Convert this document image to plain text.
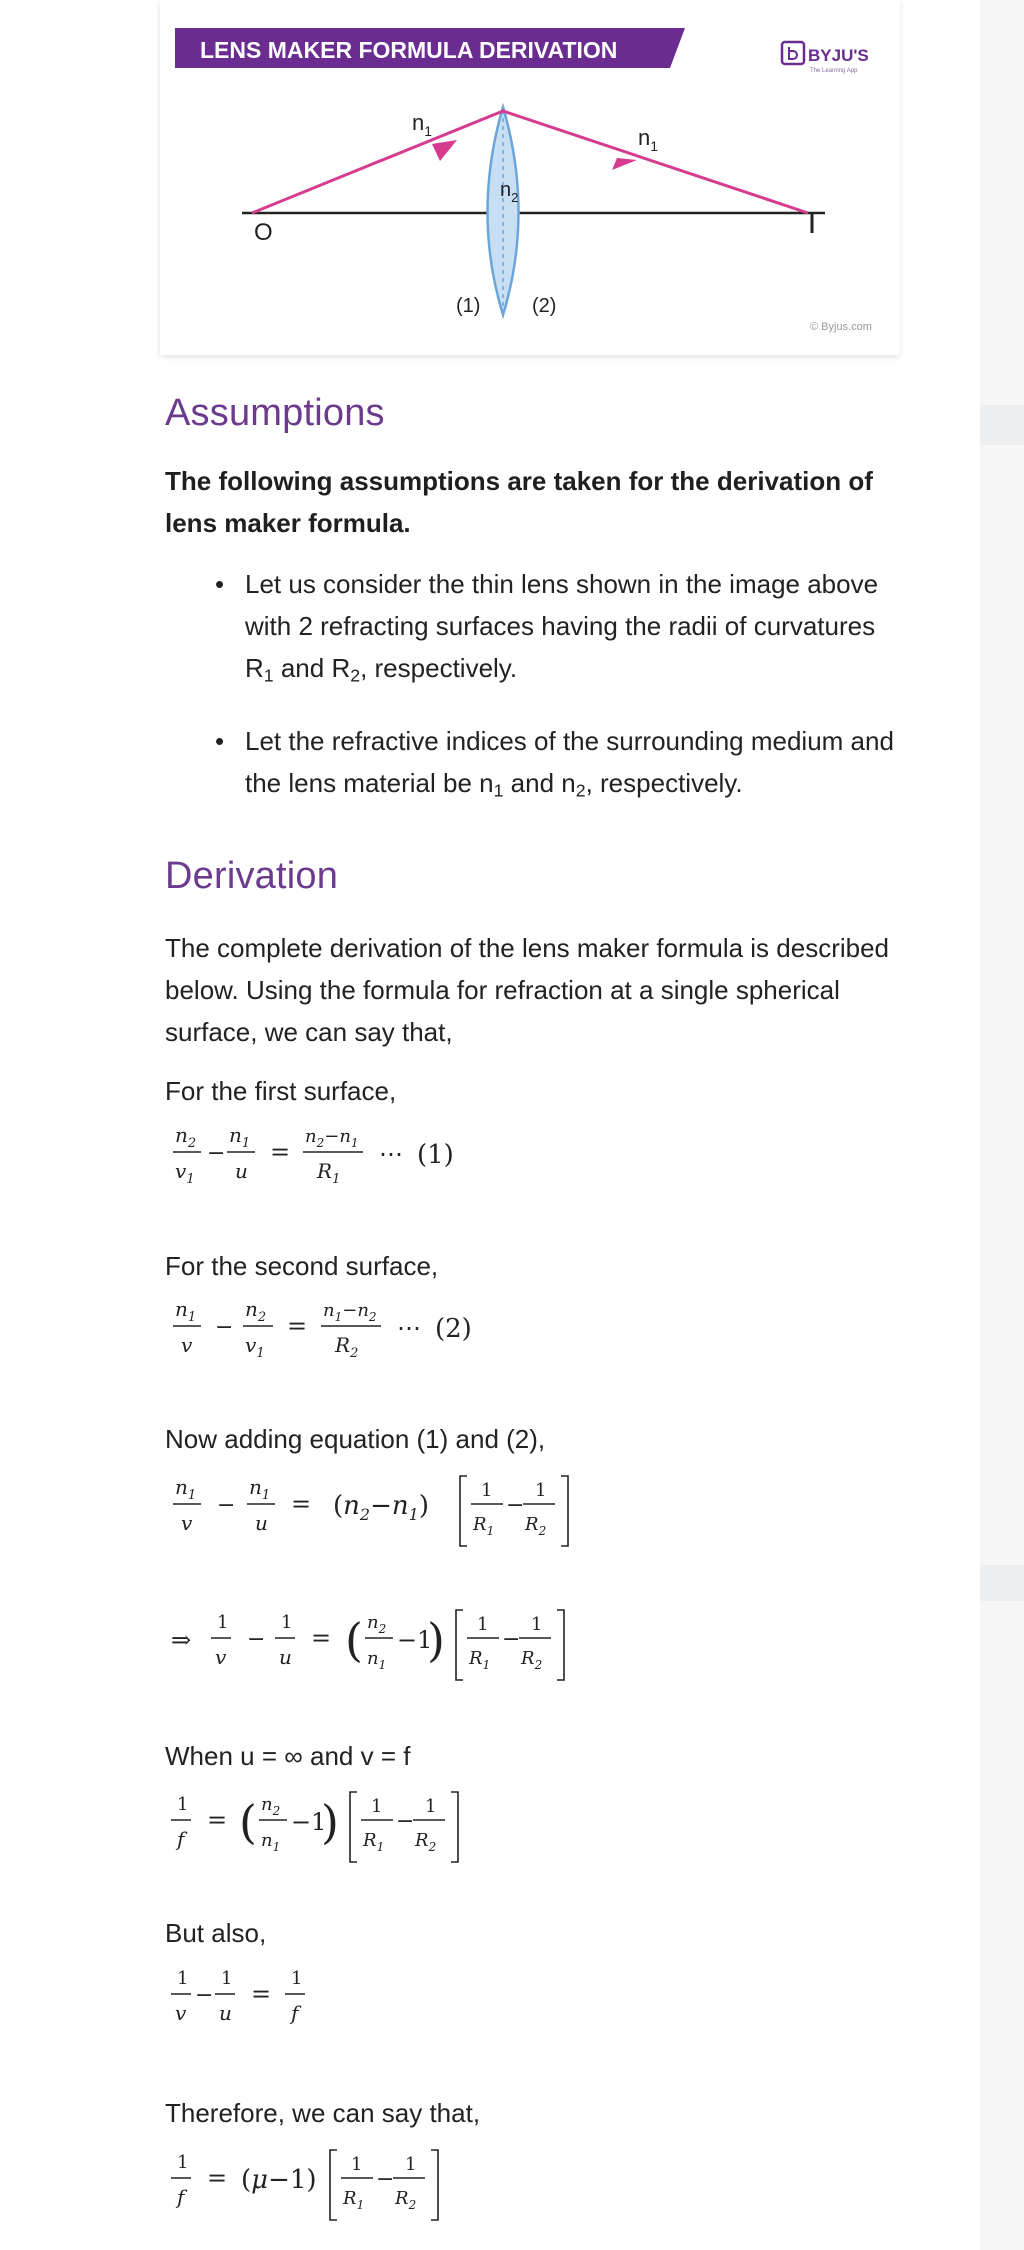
LENS MAKER FORMULA DERIVATION	BYJU'S
The Learning App
$n_1$	$n_1$
$n_2$
O
(1)	(2)
© Byjus.com
Assumptions
The following assumptions are taken for the derivation of lens maker formula.
• Let us consider the thin lens shown in the image above with 2 refracting surfaces having the radii of curvatures $R_1$ and $R_2$, respectively.
• Let the refractive indices of the surrounding medium and the lens material be $n_1$ and $n_2$, respectively.
Derivation
The complete derivation of the lens maker formula is described below. Using the formula for refraction at a single spherical surface, we can say that,
For the first surface,
$n_2$
$v_1$
−
$n_1$
u
=
$n_2-n_1$
$R_1$
⋯ (1)
For the second surface,
$n_1$
v
−
$n_2$
$v_1$
=
$n_1-n_2$
$R_2$
⋯ (2)
Now adding equation (1) and (2),
$n_1$
v
−
$n_1$
u
= $(n_2-n_1)$
1
$R_1$
−
1
$R_2$
⇒
1
v
−
1
u
= ( $n_2$
$n_1$
−1
) 1
$R_1$
−
1
$R_2$
When u = ∞ and v = f
1
f
= ( $n_2$
$n_1$
−1
) 1
$R_1$
−
1
$R_2$
But also,
1
v
−
1
u
=
1
f
Therefore, we can say that,
1
f
= (μ−1)
1
$R_1$
−
1
$R_2$
